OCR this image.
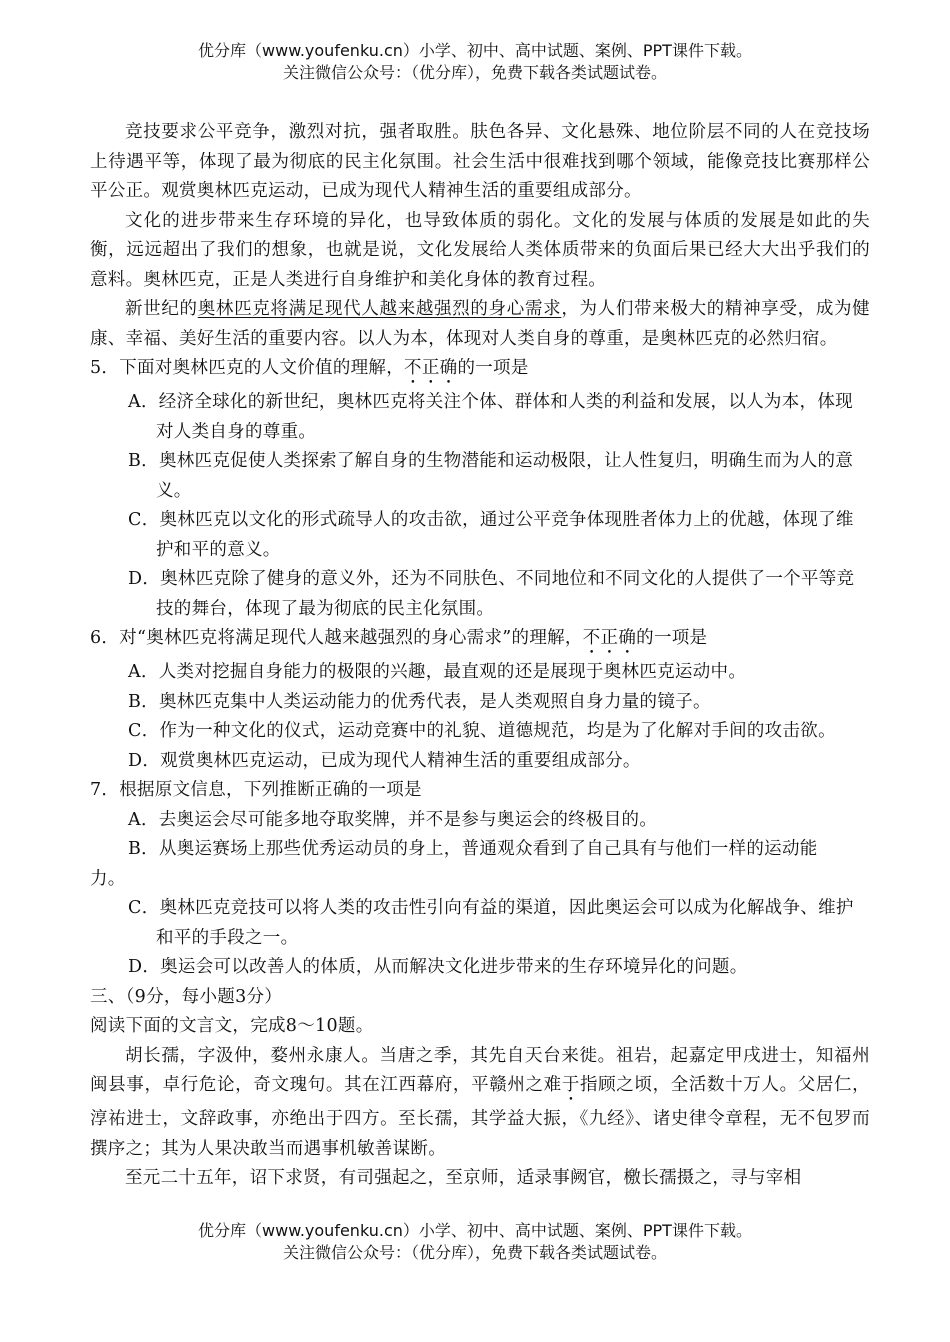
优分库（www.youfenku.cn）小学、初中、高中试题、案例、PPT课件下载。
关注微信公众号：（优分库），免费下载各类试题试卷。

竞技要求公平竞争，激烈对抗，强者取胜。肤色各异、文化悬殊、地位阶层不同的人在竞技场上待遇平等，体现了最为彻底的民主化氛围。社会生活中很难找到哪个领域，能像竞技比赛那样公平公正。观赏奥林匹克运动，已成为现代人精神生活的重要组成部分。

文化的进步带来生存环境的异化，也导致体质的弱化。文化的发展与体质的发展是如此的失衡，远远超出了我们的想象，也就是说，文化发展给人类体质带来的负面后果已经大大出乎我们的意料。奥林匹克，正是人类进行自身维护和美化身体的教育过程。

新世纪的奥林匹克将满足现代人越来越强烈的身心需求，为人们带来极大的精神享受，成为健康、幸福、美好生活的重要内容。以人为本，体现对人类自身的尊重，是奥林匹克的必然归宿。

5．下面对奥林匹克的人文价值的理解，不正确的一项是

A．经济全球化的新世纪，奥林匹克将关注个体、群体和人类的利益和发展，以人为本，体现对人类自身的尊重。

B．奥林匹克促使人类探索了解自身的生物潜能和运动极限，让人性复归，明确生而为人的意义。

C．奥林匹克以文化的形式疏导人的攻击欲，通过公平竞争体现胜者体力上的优越，体现了维护和平的意义。

D．奥林匹克除了健身的意义外，还为不同肤色、不同地位和不同文化的人提供了一个平等竞技的舞台，体现了最为彻底的民主化氛围。

6．对“奥林匹克将满足现代人越来越强烈的身心需求”的理解，不正确的一项是

A．人类对挖掘自身能力的极限的兴趣，最直观的还是展现于奥林匹克运动中。

B．奥林匹克集中人类运动能力的优秀代表，是人类观照自身力量的镜子。

C．作为一种文化的仪式，运动竞赛中的礼貌、道德规范，均是为了化解对手间的攻击欲。

D．观赏奥林匹克运动，已成为现代人精神生活的重要组成部分。

7．根据原文信息，下列推断正确的一项是

A．去奥运会尽可能多地夺取奖牌，并不是参与奥运会的终极目的。

B．从奥运赛场上那些优秀运动员的身上，普通观众看到了自己具有与他们一样的运动能

力。

C．奥林匹克竞技可以将人类的攻击性引向有益的渠道，因此奥运会可以成为化解战争、维护和平的手段之一。

D．奥运会可以改善人的体质，从而解决文化进步带来的生存环境异化的问题。

三、（9分，每小题3分）

阅读下面的文言文，完成8～10题。

胡长孺，字汲仲，婺州永康人。当唐之季，其先自天台来徙。祖岩，起嘉定甲戌进士，知福州闽县事，卓行危论，奇文瑰句。其在江西幕府，平赣州之难于指顾之顷，全活数十万人。父居仁，淳祐进士，文辞政事，亦绝出于四方。至长孺，其学益大振，《九经》、诸史律令章程，无不包罗而撰序之；其为人果决敢当而遇事机敏善谋断。

至元二十五年，诏下求贤，有司强起之，至京师，适录事阙官，檄长孺摄之，寻与宰相

优分库（www.youfenku.cn）小学、初中、高中试题、案例、PPT课件下载。
关注微信公众号：（优分库），免费下载各类试题试卷。
